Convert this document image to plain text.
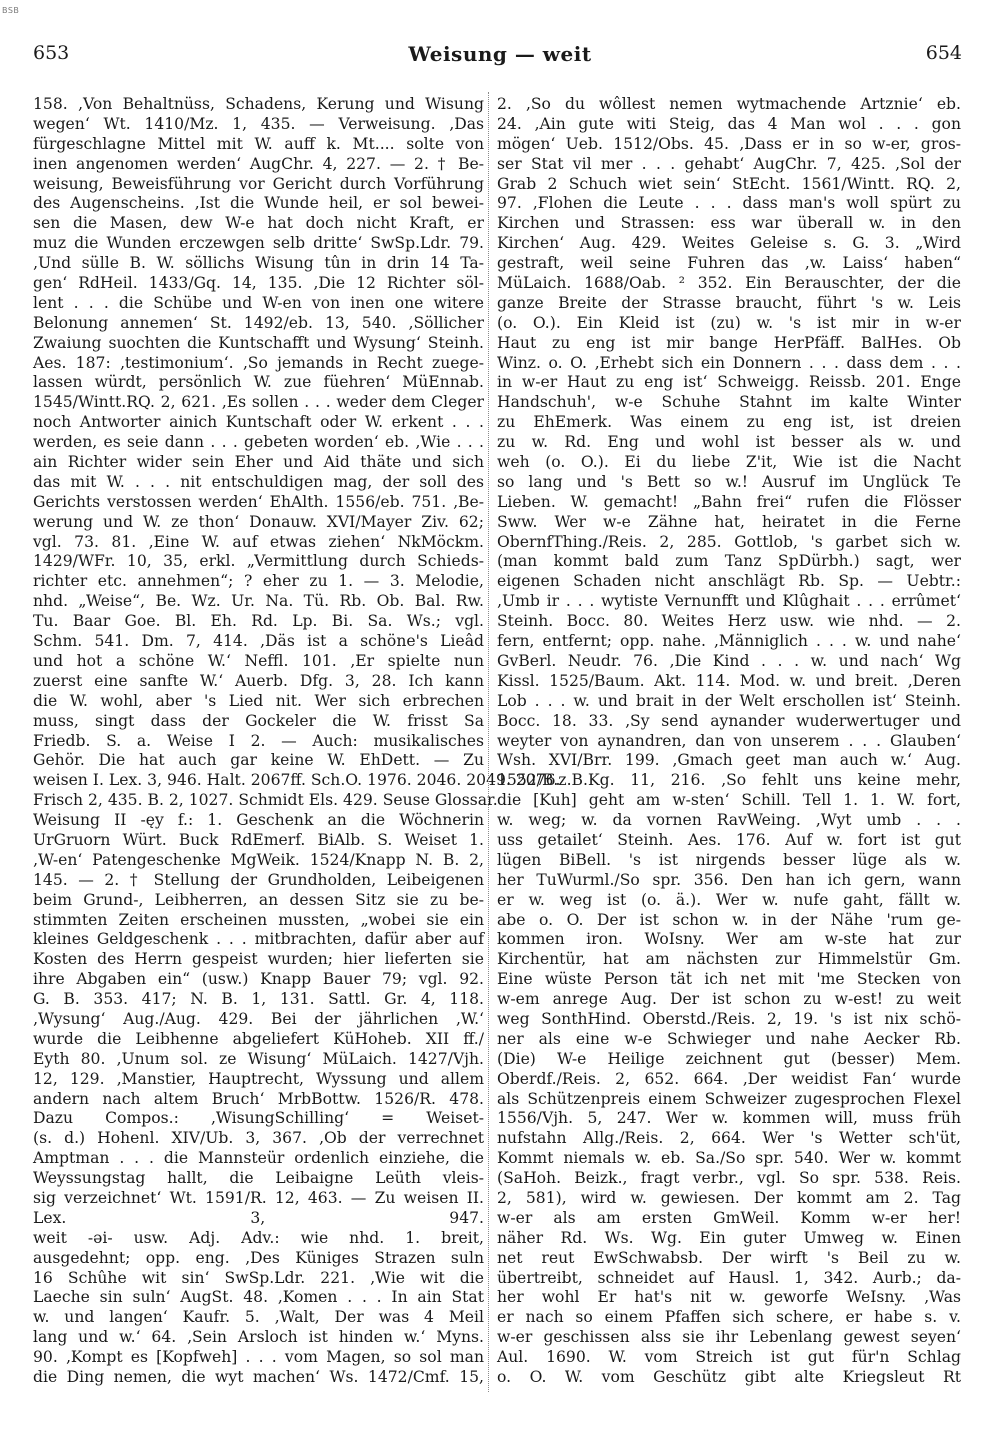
BSB
653	Weisung — weit	654
158. ‚Von Behaltnüss, Schadens, Kerung und Wisung
wegen‘ Wt. 1410/Mz. 1, 435. — Verweisung. ‚Das
fürgeschlagne Mittel mit W. auff k. Mt.... solte von
inen angenomen werden‘ AugChr. 4, 227. — 2. † Be-
weisung, Beweisführung vor Gericht durch Vorführung
des Augenscheins. ‚Ist die Wunde heil, er sol bewei-
sen die Masen, dew W-e hat doch nicht Kraft, er
muz die Wunden erczewgen selb dritte‘ SwSp.Ldr. 79.
‚Und sülle B. W. söllichs Wisung tûn in drin 14 Ta-
gen‘ RdHeil. 1433/Gq. 14, 135. ‚Die 12 Richter söl-
lent . . . die Schübe und W-en von inen one witere
Belonung annemen‘ St. 1492/eb. 13, 540. ‚Söllicher
Zwaiung suochten die Kuntschafft und Wysung‘ Steinh.
Aes. 187: ‚testimonium‘. ‚So jemands in Recht zuege-
lassen würdt, persönlich W. zue füehren‘ MüEnnab.
1545/Wintt.RQ. 2, 621. ‚Es sollen . . . weder dem Cleger
noch Antworter ainich Kuntschaft oder W. erkent . . .
werden, es seie dann . . . gebeten worden‘ eb. ‚Wie . . .
ain Richter wider sein Eher und Aid thäte und sich
das mit W. . . . nit entschuldigen mag, der soll des
Gerichts verstossen werden‘ EhAlth. 1556/eb. 751. ‚Be-
werung und W. ze thon‘ Donauw. XVI/Mayer Ziv. 62;
vgl. 73. 81. ‚Eine W. auf etwas ziehen‘ NkMöckm.
1429/WFr. 10, 35, erkl. „Vermittlung durch Schieds-
richter etc. annehmen“; ? eher zu 1. — 3. Melodie,
nhd. „Weise“, Be. Wz. Ur. Na. Tü. Rb. Ob. Bal. Rw.
Tu. Baar Goe. Bl. Eh. Rd. Lp. Bi. Sa. Ws.; vgl.
Schm. 541. Dm. 7, 414. ‚Däs ist a schöne's Lieâd
und hot a schöne W.‘ Neffl. 101. ‚Er spielte nun
zuerst eine sanfte W.‘ Auerb. Dfg. 3, 28. Ich kann
die W. wohl, aber 's Lied nit. Wer sich erbrechen
muss, singt dass der Gockeler die W. frisst Sa
Friedb. S. a. Weise I 2. — Auch: musikalisches
Gehör. Die hat auch gar keine W. EhDett. — Zu
weisen I. Lex. 3, 946. Halt. 2067ff. Sch.O. 1976. 2046. 2049. 2076.
Frisch 2, 435. B. 2, 1027. Schmidt Els. 429. Seuse Glossar.
Weisung II -ęy f.: 1. Geschenk an die Wöchnerin
UrGruorn Würt. Buck RdEmerf. BiAlb. S. Weiset 1.
‚W-en‘ Patengeschenke MgWeik. 1524/Knapp N. B. 2,
145. — 2. † Stellung der Grundholden, Leibeigenen
beim Grund-, Leibherren, an dessen Sitz sie zu be-
stimmten Zeiten erscheinen mussten, „wobei sie ein
kleines Geldgeschenk . . . mitbrachten, dafür aber auf
Kosten des Herrn gespeist wurden; hier lieferten sie
ihre Abgaben ein“ (usw.) Knapp Bauer 79; vgl. 92.
G. B. 353. 417; N. B. 1, 131. Sattl. Gr. 4, 118.
‚Wysung‘ Aug./Aug. 429. Bei der jährlichen ‚W.‘
wurde die Leibhenne abgeliefert KüHoheb. XII ff./
Eyth 80. ‚Unum sol. ze Wisung‘ MüLaich. 1427/Vjh.
12, 129. ‚Manstier, Hauptrecht, Wyssung und allem
andern nach altem Bruch‘ MrbBottw. 1526/R. 478.
Dazu Compos.: ‚WisungSchilling‘ = Weiset-
(s. d.) Hohenl. XIV/Ub. 3, 367. ‚Ob der verrechnet
Amptman . . . die Mannsteür ordenlich einziehe, die
Weyssungstag hallt, die Leibaigne Leüth vleis-
sig verzeichnet‘ Wt. 1591/R. 12, 463. — Zu weisen II.
Lex. 3, 947.
weit -əi- usw. Adj. Adv.: wie nhd. 1. breit,
ausgedehnt; opp. eng. ‚Des Küniges Strazen suln
16 Schûhe wit sin‘ SwSp.Ldr. 221. ‚Wie wit die
Laeche sin suln‘ AugSt. 48. ‚Komen . . . In ain Stat
w. und langen‘ Kaufr. 5. ‚Walt, Der was 4 Meil
lang und w.‘ 64. ‚Sein Arsloch ist hinden w.‘ Myns.
90. ‚Kompt es [Kopfweh] . . . vom Magen, so sol man
die Ding nemen, die wyt machen‘ Ws. 1472/Cmf. 15,
2. ‚So du wôllest nemen wytmachende Artznie‘ eb.
24. ‚Ain gute witi Steig, das 4 Man wol . . . gon
mögen‘ Ueb. 1512/Obs. 45. ‚Dass er in so w-er, gros-
ser Stat vil mer . . . gehabt‘ AugChr. 7, 425. ‚Sol der
Grab 2 Schuch wiet sein‘ StEcht. 1561/Wintt. RQ. 2,
97. ‚Flohen die Leute . . . dass man's woll spürt zu
Kirchen und Strassen: ess war überall w. in den
Kirchen‘ Aug. 429. Weites Geleise s. G. 3. „Wird
gestraft, weil seine Fuhren das ‚w. Laiss‘ haben“
MüLaich. 1688/Oab. ² 352. Ein Berauschter, der die
ganze Breite der Strasse braucht, führt 's w. Leis
(o. O.). Ein Kleid ist (zu) w. 's ist mir in w-er
Haut zu eng ist mir bange HerPfäff. BalHes. Ob
Winz. o. O. ‚Erhebt sich ein Donnern . . . dass dem . . .
in w-er Haut zu eng ist‘ Schweigg. Reissb. 201. Enge
Handschuh', w-e Schuhe Stahnt im kalte Winter
zu EhEmerk. Was einem zu eng ist, ist dreien
zu w. Rd. Eng und wohl ist besser als w. und
weh (o. O.). Ei du liebe Z'it, Wie ist die Nacht
so lang und 's Bett so w.! Ausruf im Unglück Te
Lieben. W. gemacht! „Bahn frei“ rufen die Flösser
Sww. Wer w-e Zähne hat, heiratet in die Ferne
ObernfThing./Reis. 2, 285. Gottlob, 's garbet sich w.
(man kommt bald zum Tanz SpDürbh.) sagt, wer
eigenen Schaden nicht anschlägt Rb. Sp. — Uebtr.:
‚Umb ir . . . wytiste Vernunfft und Klûghait . . . errûmet‘
Steinh. Bocc. 80. Weites Herz usw. wie nhd. — 2.
fern, entfernt; opp. nahe. ‚Männiglich . . . w. und nahe‘
GvBerl. Neudr. 76. ‚Die Kind . . . w. und nach‘ Wg
Kissl. 1525/Baum. Akt. 114. Mod. w. und breit. ‚Deren
Lob . . . w. und brait in der Welt erschollen ist‘ Steinh.
Bocc. 18. 33. ‚Sy send aynander wuderwertuger und
weyter von aynandren, dan von unserem . . . Glauben‘
Wsh. XVI/Brr. 199. ‚Gmach geet man auch w.‘ Aug.
1552/B.z.B.Kg. 11, 216. ‚So fehlt uns keine mehr,
die [Kuh] geht am w-sten‘ Schill. Tell 1. 1. W. fort,
w. weg; w. da vornen RavWeing. ‚Wyt umb . . .
uss getailet‘ Steinh. Aes. 176. Auf w. fort ist gut
lügen BiBell. 's ist nirgends besser lüge als w.
her TuWurml./So spr. 356. Den han ich gern, wann
er w. weg ist (o. ä.). Wer w. nufe gaht, fällt w.
abe o. O. Der ist schon w. in der Nähe 'rum ge-
kommen iron. WoIsny. Wer am w-ste hat zur
Kirchentür, hat am nächsten zur Himmelstür Gm.
Eine wüste Person tät ich net mit 'me Stecken von
w-em anrege Aug. Der ist schon zu w-est! zu weit
weg SonthHind. Oberstd./Reis. 2, 19. 's ist nix schö-
ner als eine w-e Schwieger und nahe Aecker Rb.
(Die) W-e Heilige zeichnent gut (besser) Mem.
Oberdf./Reis. 2, 652. 664. ‚Der weidist Fan‘ wurde
als Schützenpreis einem Schweizer zugesprochen Flexel
1556/Vjh. 5, 247. Wer w. kommen will, muss früh
nufstahn Allg./Reis. 2, 664. Wer 's Wetter sch'üt,
Kommt niemals w. eb. Sa./So spr. 540. Wer w. kommt
(SaHoh. Beizk., fragt verbr., vgl. So spr. 538. Reis.
2, 581), wird w. gewiesen. Der kommt am 2. Tag
w-er als am ersten GmWeil. Komm w-er her!
näher Rd. Ws. Wg. Ein guter Umweg w. Einen
net reut EwSchwabsb. Der wirft 's Beil zu w.
übertreibt, schneidet auf Hausl. 1, 342. Aurb.; da-
her wohl Er hat's nit w. geworfe WeIsny. ‚Was
er nach so einem Pfaffen sich schere, er habe s. v.
w-er geschissen alss sie ihr Lebenlang gewest seyen‘
Aul. 1690. W. vom Streich ist gut für'n Schlag
o. O. W. vom Geschütz gibt alte Kriegsleut Rt
